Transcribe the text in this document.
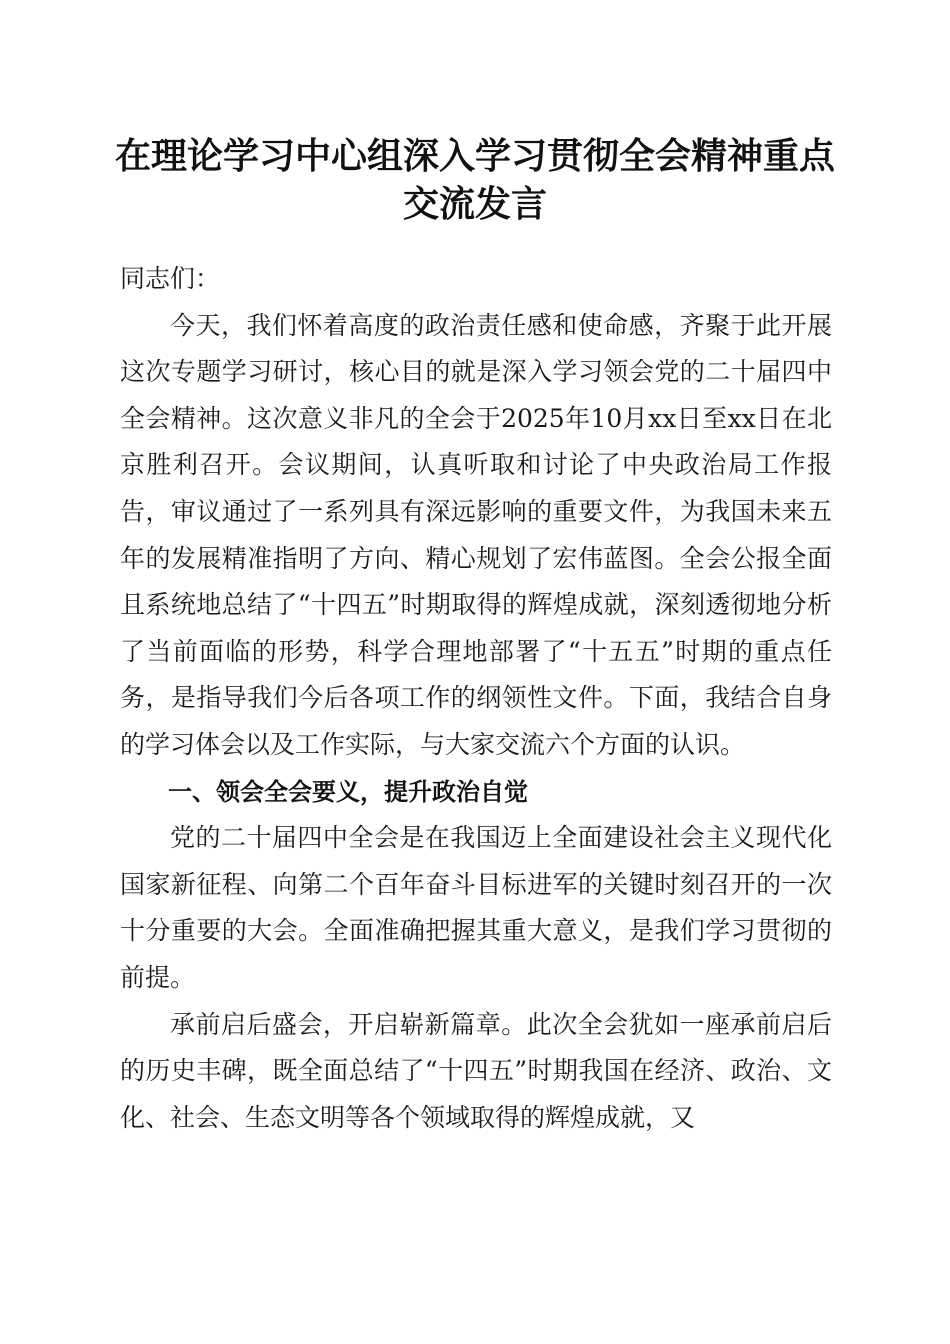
在理论学习中心组深入学习贯彻全会精神重点
交流发言

同志们：

今天，我们怀着高度的政治责任感和使命感，齐聚于此开展这次专题学习研讨，核心目的就是深入学习领会党的二十届四中全会精神。这次意义非凡的全会于2025年10月xx日至xx日在北京胜利召开。会议期间，认真听取和讨论了中央政治局工作报告，审议通过了一系列具有深远影响的重要文件，为我国未来五年的发展精准指明了方向、精心规划了宏伟蓝图。全会公报全面且系统地总结了“十四五”时期取得的辉煌成就，深刻透彻地分析了当前面临的形势，科学合理地部署了“十五五”时期的重点任务，是指导我们今后各项工作的纲领性文件。下面，我结合自身的学习体会以及工作实际，与大家交流六个方面的认识。

一、领会全会要义，提升政治自觉

党的二十届四中全会是在我国迈上全面建设社会主义现代化国家新征程、向第二个百年奋斗目标进军的关键时刻召开的一次十分重要的大会。全面准确把握其重大意义，是我们学习贯彻的前提。

承前启后盛会，开启崭新篇章。此次全会犹如一座承前启后的历史丰碑，既全面总结了“十四五”时期我国在经济、政治、文化、社会、生态文明等各个领域取得的辉煌成就，又
